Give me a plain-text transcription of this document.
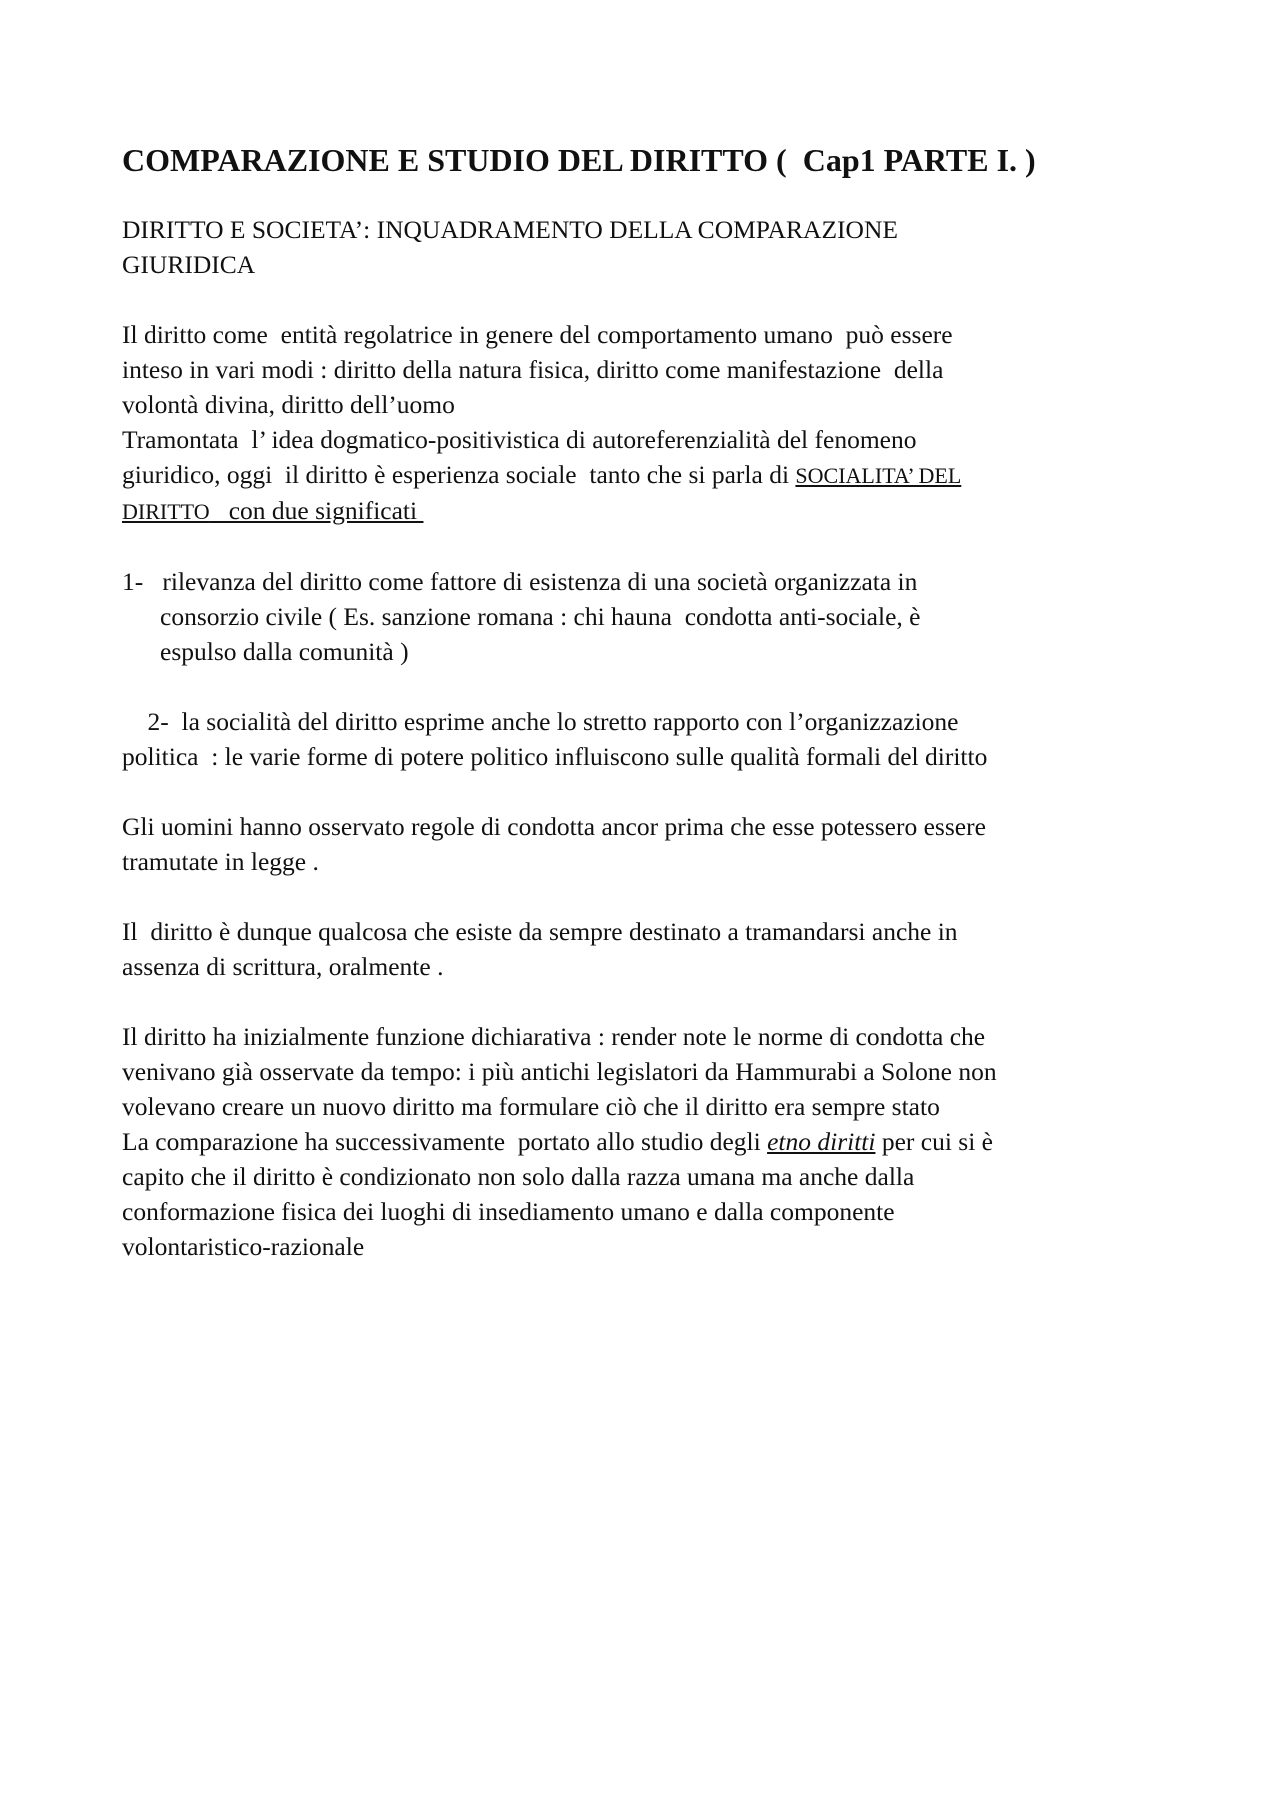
COMPARAZIONE E STUDIO DEL DIRITTO (  Cap1 PARTE I. )

DIRITTO E SOCIETA’: INQUADRAMENTO DELLA COMPARAZIONE
GIURIDICA

Il diritto come  entità regolatrice in genere del comportamento umano  può essere
inteso in vari modi : diritto della natura fisica, diritto come manifestazione  della
volontà divina, diritto dell’uomo
Tramontata  l’ idea dogmatico-positivistica di autoreferenzialità del fenomeno
giuridico, oggi  il diritto è esperienza sociale  tanto che si parla di SOCIALITA’ DEL
DIRITTO   con due significati

1-   rilevanza del diritto come fattore di esistenza di una società organizzata in
consorzio civile ( Es. sanzione romana : chi hauna  condotta anti-sociale, è
espulso dalla comunità )

2-  la socialità del diritto esprime anche lo stretto rapporto con l’organizzazione
politica  : le varie forme di potere politico influiscono sulle qualità formali del diritto

Gli uomini hanno osservato regole di condotta ancor prima che esse potessero essere
tramutate in legge .

Il  diritto è dunque qualcosa che esiste da sempre destinato a tramandarsi anche in
assenza di scrittura, oralmente .

Il diritto ha inizialmente funzione dichiarativa : render note le norme di condotta che
venivano già osservate da tempo: i più antichi legislatori da Hammurabi a Solone non
volevano creare un nuovo diritto ma formulare ciò che il diritto era sempre stato
La comparazione ha successivamente  portato allo studio degli etno diritti per cui si è
capito che il diritto è condizionato non solo dalla razza umana ma anche dalla
conformazione fisica dei luoghi di insediamento umano e dalla componente
volontaristico-razionale
